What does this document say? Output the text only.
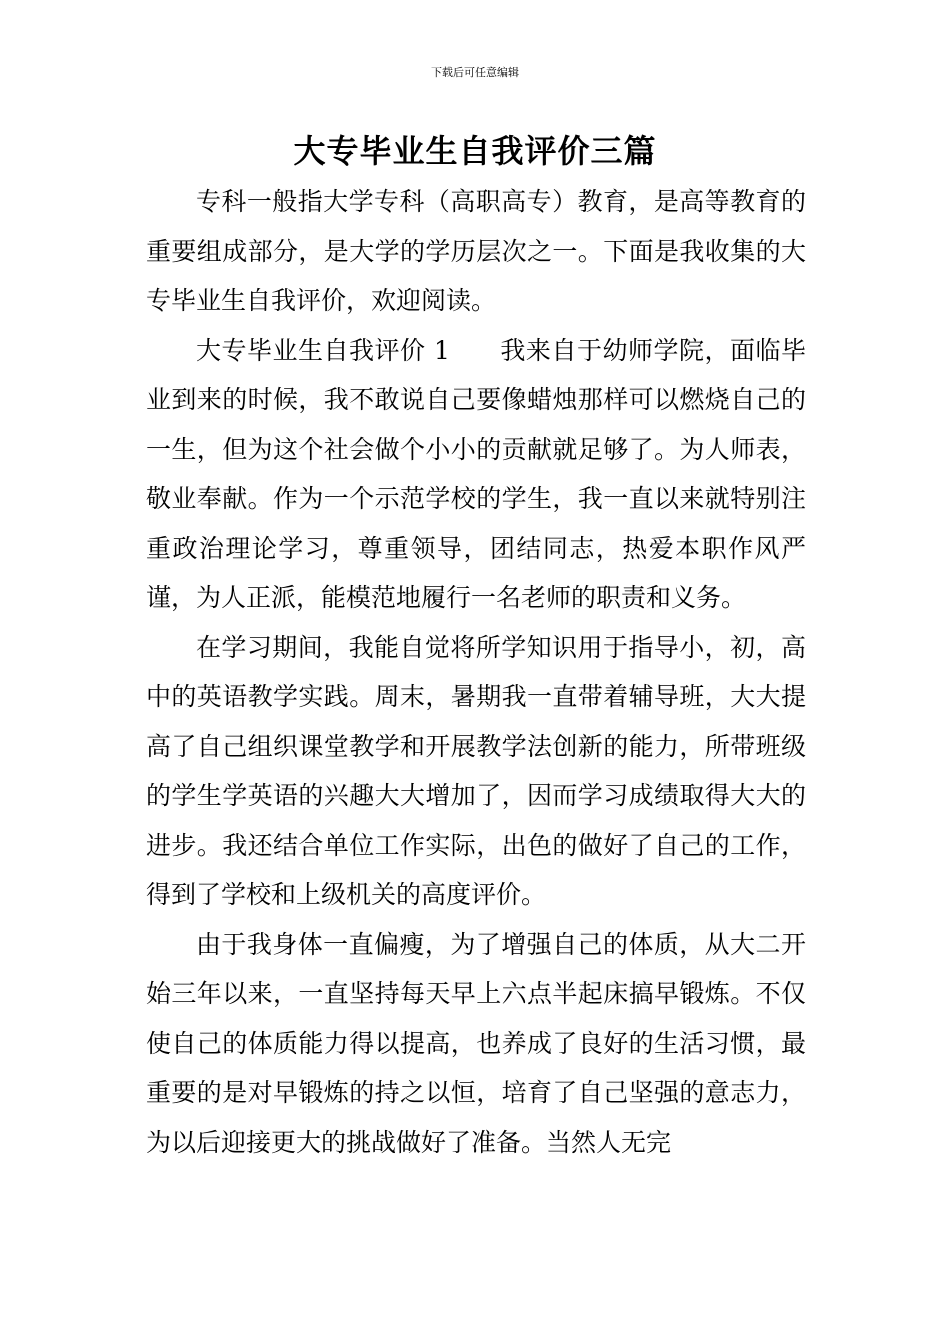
下载后可任意编辑
大专毕业生自我评价三篇

专科一般指大学专科（高职高专）教育，是高等教育的重要组成部分，是大学的学历层次之一。下面是我收集的大专毕业生自我评价，欢迎阅读。

大专毕业生自我评价 1 我来自于幼师学院，面临毕业到来的时候，我不敢说自己要像蜡烛那样可以燃烧自己的一生，但为这个社会做个小小的贡献就足够了。为人师表，敬业奉献。作为一个示范学校的学生，我一直以来就特别注重政治理论学习，尊重领导，团结同志，热爱本职作风严谨，为人正派，能模范地履行一名老师的职责和义务。

在学习期间，我能自觉将所学知识用于指导小，初，高中的英语教学实践。周末，暑期我一直带着辅导班，大大提高了自己组织课堂教学和开展教学法创新的能力，所带班级的学生学英语的兴趣大大增加了，因而学习成绩取得大大的进步。我还结合单位工作实际，出色的做好了自己的工作，得到了学校和上级机关的高度评价。

由于我身体一直偏瘦，为了增强自己的体质，从大二开始三年以来，一直坚持每天早上六点半起床搞早锻炼。不仅使自己的体质能力得以提高，也养成了良好的生活习惯，最重要的是对早锻炼的持之以恒，培育了自己坚强的意志力，为以后迎接更大的挑战做好了准备。当然人无完
